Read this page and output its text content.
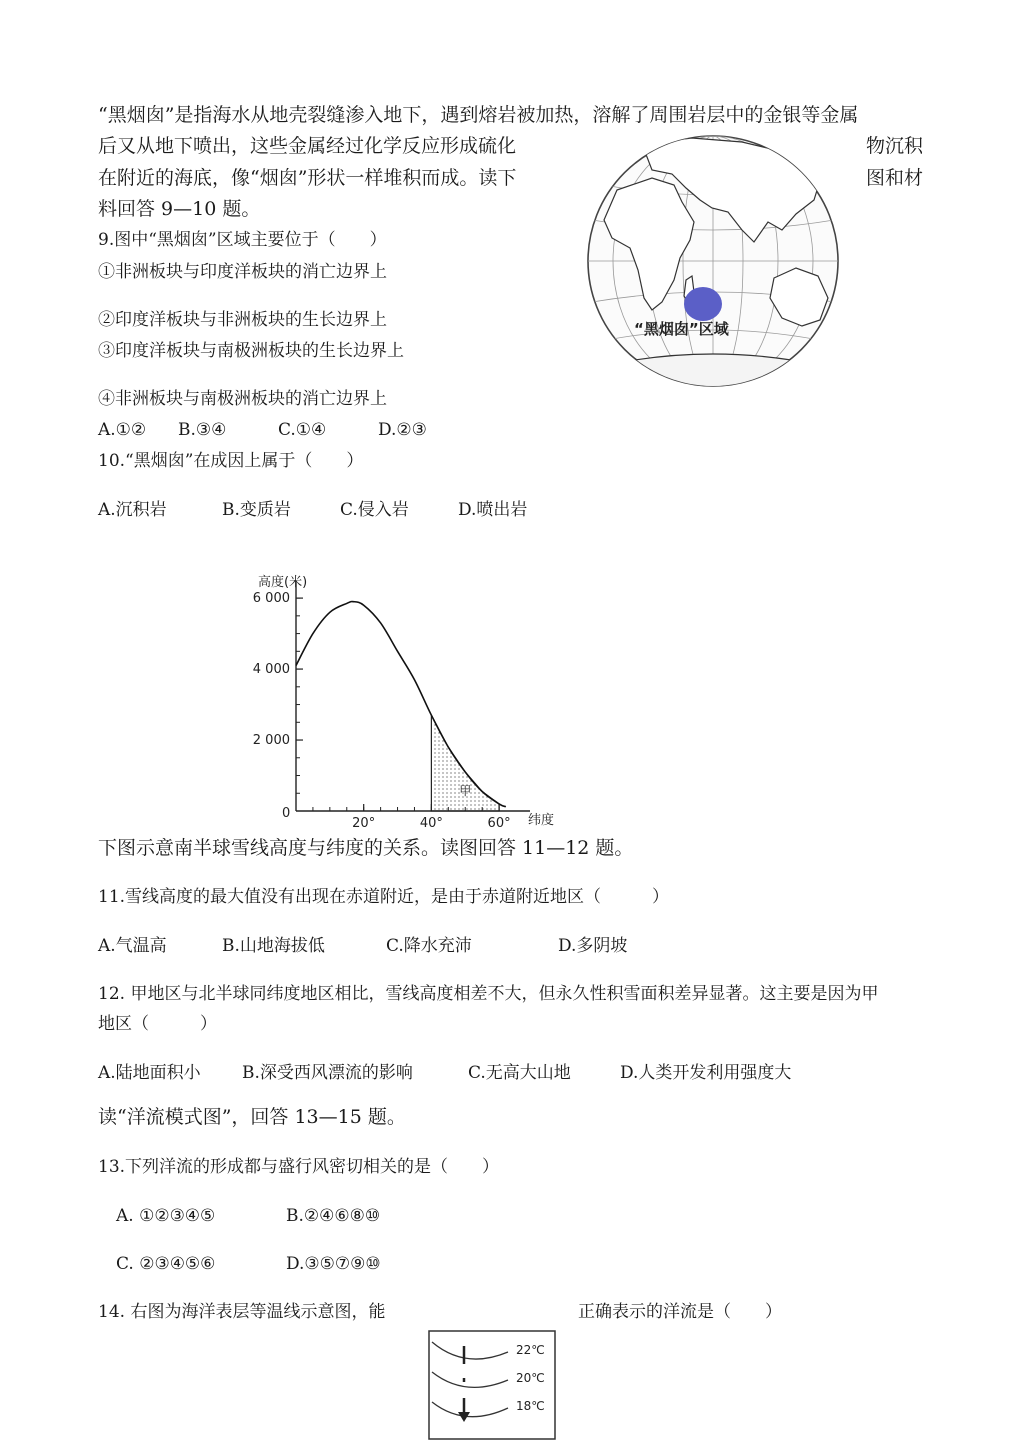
“黑烟囱”是指海水从地壳裂缝渗入地下，遇到熔岩被加热，溶解了周围岩层中的金银等金属
后又从地下喷出，这些金属经过化学反应形成硫化	物沉积
在附近的海底，像“烟囱”形状一样堆积而成。读下	图和材
料回答 9—10 题。
“黑烟囱”区域
9.图中“黑烟囱”区域主要位于（　　）
①非洲板块与印度洋板块的消亡边界上
②印度洋板块与非洲板块的生长边界上
③印度洋板块与南极洲板块的生长边界上
④非洲板块与南极洲板块的消亡边界上
A.①② B.③④	C.①④	D.②③
10.“黑烟囱”在成因上属于（　　）
A.沉积岩	B.变质岩	C.侵入岩	D.喷出岩
高度(米)
纬度
0
6 000
4 000
2 000
20°	40°	60°
甲
下图示意南半球雪线高度与纬度的关系。读图回答 11—12 题。
11.雪线高度的最大值没有出现在赤道附近，是由于赤道附近地区（　　　）
A.气温高	B.山地海拔低	C.降水充沛	D.多阴坡
12. 甲地区与北半球同纬度地区相比，雪线高度相差不大，但永久性积雪面积差异显著。这主要是因为甲
地区（　　　）
A.陆地面积小 B.深受西风漂流的影响	C.无高大山地	D.人类开发利用强度大
读“洋流模式图”，回答 13—15 题。
13.下列洋流的形成都与盛行风密切相关的是（　　）
A. ①②③④⑤	B.②④⑥⑧⑩
C. ②③④⑤⑥	D.③⑤⑦⑨⑩
14. 右图为海洋表层等温线示意图，能	正确表示的洋流是（　　）
22℃
20℃
18℃
